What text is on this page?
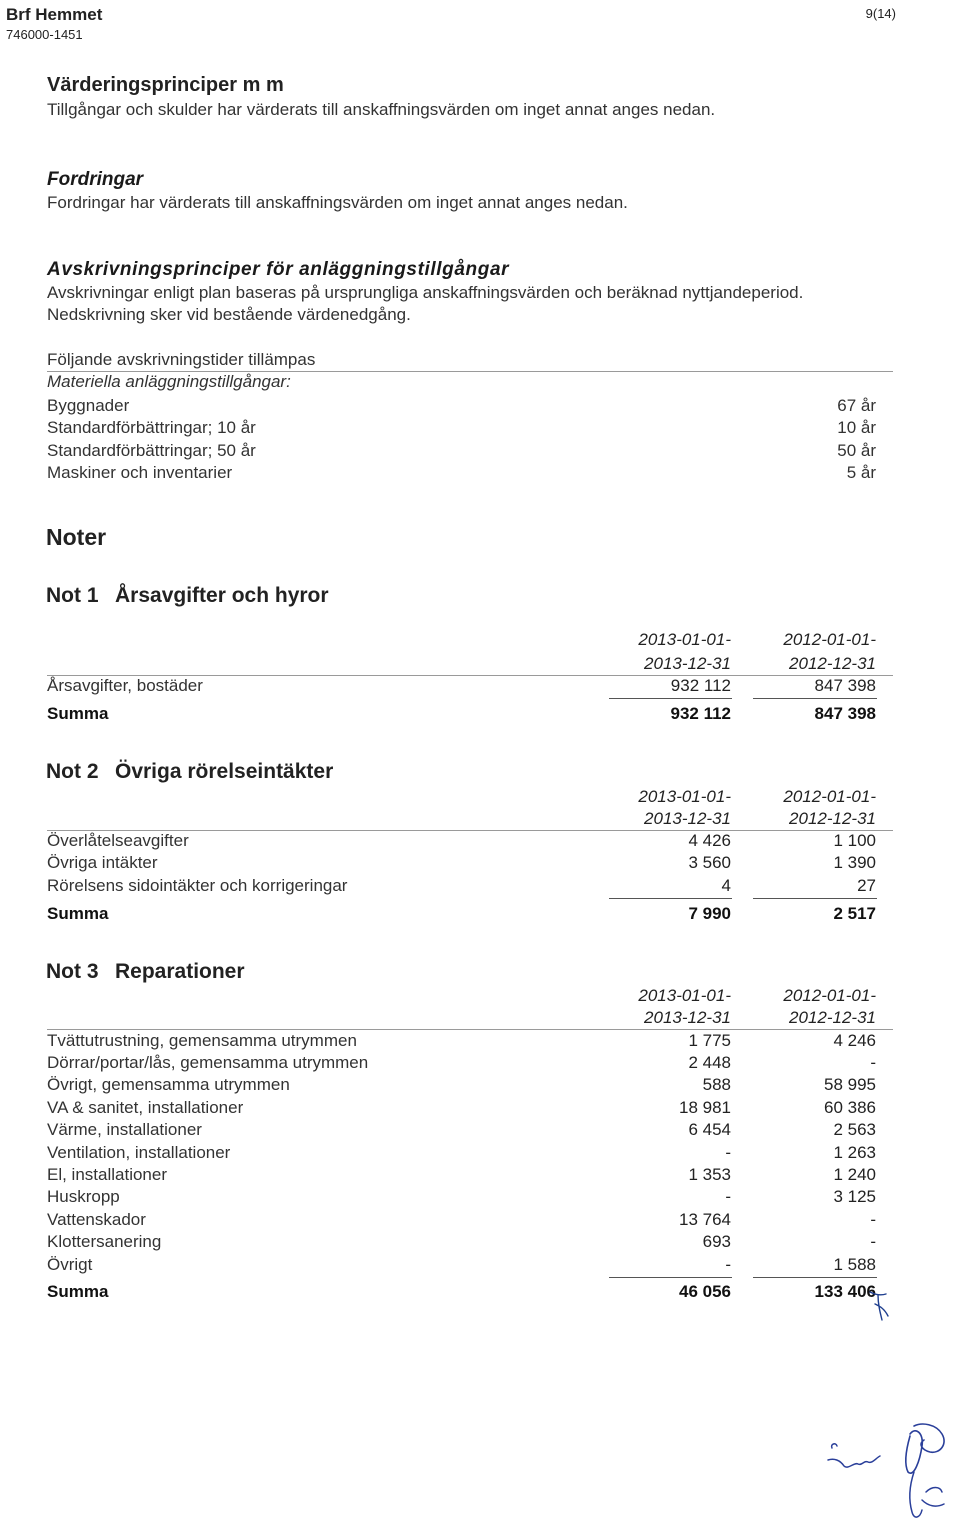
Brf Hemmet
746000-1451
9(14)
Värderingsprinciper m m
Tillgångar och skulder har värderats till anskaffningsvärden om inget annat anges nedan.
Fordringar
Fordringar har värderats till anskaffningsvärden om inget annat anges nedan.
Avskrivningsprinciper för anläggningstillgångar
Avskrivningar enligt plan baseras på ursprungliga anskaffningsvärden och beräknad nyttjandeperiod.
Nedskrivning sker vid bestående värdenedgång.
Följande avskrivningstider tillämpas
Materiella anläggningstillgångar:
Byggnader	67 år
Standardförbättringar; 10 år	10 år
Standardförbättringar; 50 år	50 år
Maskiner och inventarier	5 år
Noter
Not 1 Årsavgifter och hyror
2013-01-01-	2012-01-01-
2013-12-31	2012-12-31
Årsavgifter, bostäder	932 112	847 398
Summa	932 112	847 398
Not 2 Övriga rörelseintäkter
2013-01-01-	2012-01-01-
2013-12-31	2012-12-31
Överlåtelseavgifter	4 426	1 100
Övriga intäkter	3 560	1 390
Rörelsens sidointäkter och korrigeringar	4	27
Summa	7 990	2 517
Not 3 Reparationer
2013-01-01-	2012-01-01-
2013-12-31	2012-12-31
Tvättutrustning, gemensamma utrymmen	1 775	4 246
Dörrar/portar/lås, gemensamma utrymmen	2 448	-
Övrigt, gemensamma utrymmen	588	58 995
VA & sanitet, installationer	18 981	60 386
Värme, installationer	6 454	2 563
Ventilation, installationer	-	1 263
El, installationer	1 353	1 240
Huskropp	-	3 125
Vattenskador	13 764	-
Klottersanering	693	-
Övrigt	-	1 588
Summa	46 056	133 406
